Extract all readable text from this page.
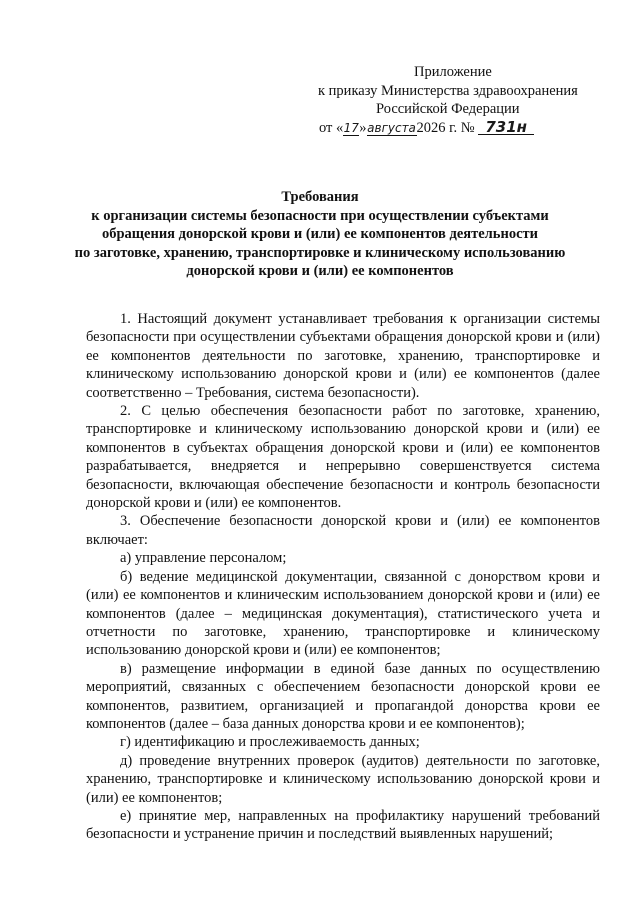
Приложение
к приказу Министерства здравоохранения
Российской Федерации
от «17»августа2026 г. № 731н
Требования
к организации системы безопасности при осуществлении субъектами
обращения донорской крови и (или) ее компонентов деятельности
по заготовке, хранению, транспортировке и клиническому использованию
донорской крови и (или) ее компонентов

1. Настоящий документ устанавливает требования к организации системы безопасности при осуществлении субъектами обращения донорской крови и (или) ее компонентов деятельности по заготовке, хранению, транспортировке и клиническому использованию донорской крови и (или) ее компонентов (далее соответственно – Требования, система безопасности).

2. С целью обеспечения безопасности работ по заготовке, хранению, транспортировке и клиническому использованию донорской крови и (или) ее компонентов в субъектах обращения донорской крови и (или) ее компонентов разрабатывается, внедряется и непрерывно совершенствуется система безопасности, включающая обеспечение безопасности и контроль безопасности донорской крови и (или) ее компонентов.

3. Обеспечение безопасности донорской крови и (или) ее компонентов включает:

а) управление персоналом;

б) ведение медицинской документации, связанной с донорством крови и (или) ее компонентов и клиническим использованием донорской крови и (или) ее компонентов (далее – медицинская документация), статистического учета и отчетности по заготовке, хранению, транспортировке и клиническому использованию донорской крови и (или) ее компонентов;

в) размещение информации в единой базе данных по осуществлению мероприятий, связанных с обеспечением безопасности донорской крови ее компонентов, развитием, организацией и пропагандой донорства крови ее компонентов (далее – база данных донорства крови и ее компонентов);

г) идентификацию и прослеживаемость данных;

д) проведение внутренних проверок (аудитов) деятельности по заготовке, хранению, транспортировке и клиническому использованию донорской крови и (или) ее компонентов;

е) принятие мер, направленных на профилактику нарушений требований безопасности и устранение причин и последствий выявленных нарушений;
